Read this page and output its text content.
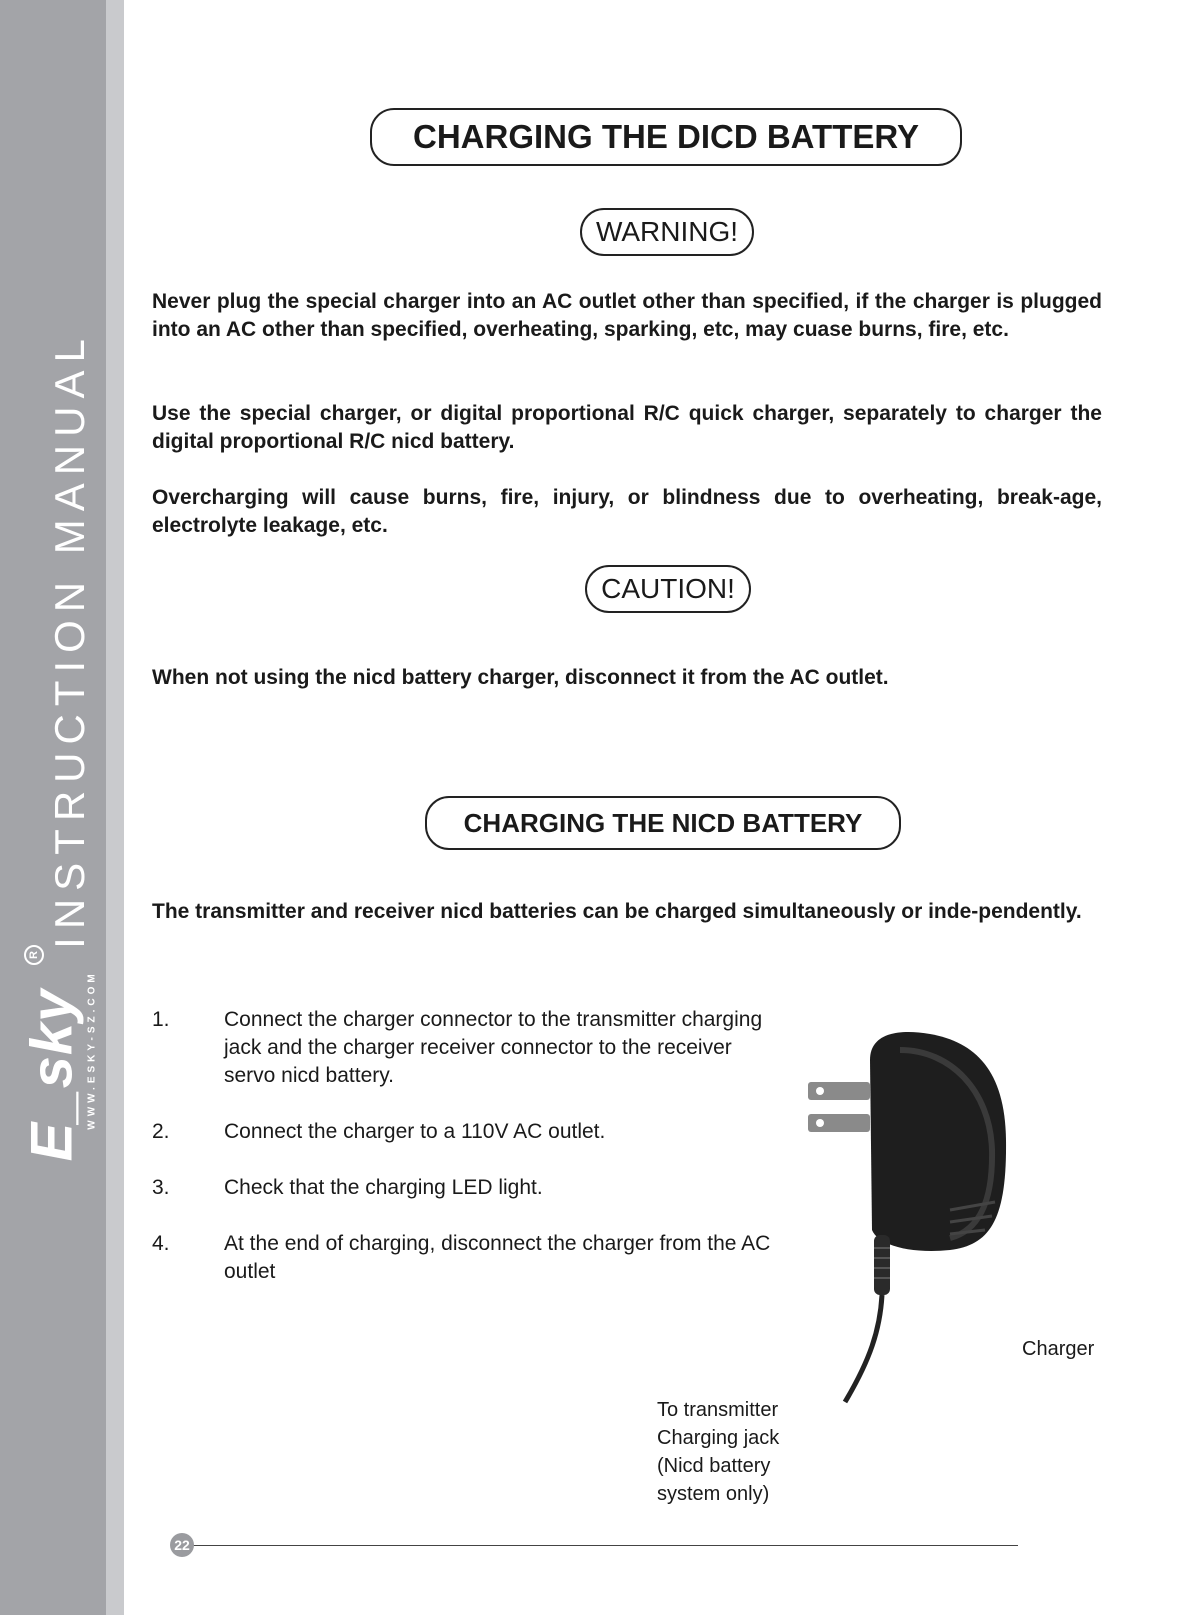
INSTRUCTION MANUAL
WWW.ESKY-SZ.COM
E_sky
R
CHARGING THE DICD BATTERY
WARNING!

Never plug the special charger into an AC outlet other than specified, if the charger is plugged into an AC other than specified, overheating, sparking, etc, may cuase burns, fire, etc.

Use the special charger, or digital proportional R/C quick charger, separately to charger the digital proportional R/C nicd battery.

Overcharging will cause burns, fire, injury, or blindness due to overheating, break-age, electrolyte leakage, etc.

CAUTION!

When not using the nicd battery charger, disconnect it from the AC outlet.

CHARGING THE NICD BATTERY

The transmitter and receiver nicd batteries can be charged simultaneously or inde-pendently.

1.	Connect the charger connector to the transmitter charging jack and the charger receiver connector to the receiver servo nicd battery.
2.	Connect the charger to a 110V AC outlet.
3.	Check that the charging LED light.
4.	At the end of charging, disconnect the charger from the AC outlet
Charger
To transmitter Charging jack (Nicd battery system only)
22
